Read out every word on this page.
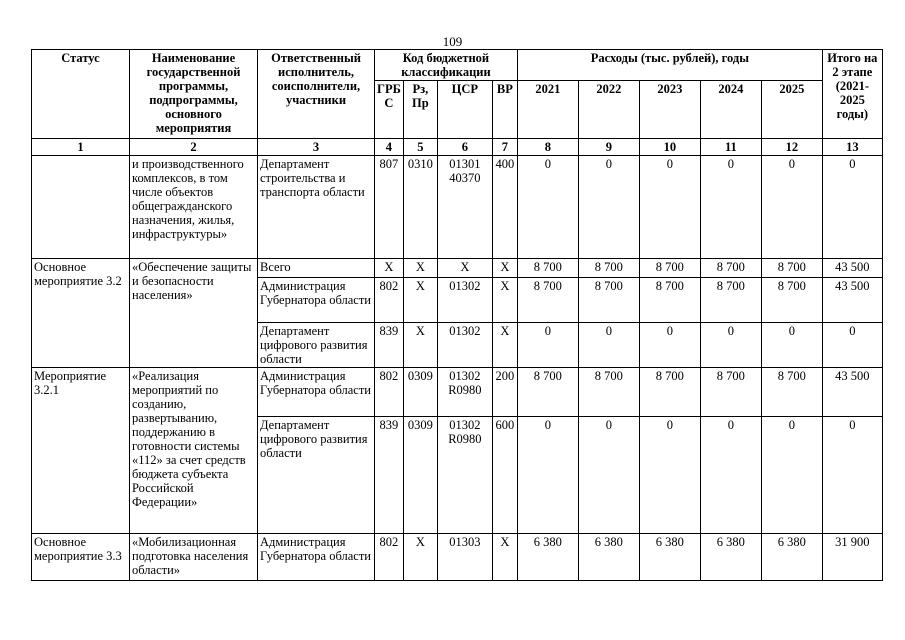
109
Статус	Наименование государственной программы, подпрограммы, основного мероприятия	Ответственный исполнитель, соисполнители, участники	Код бюджетной классификации				Расходы (тыс. рублей), годы					Итого на 2 этапе (2021-2025 годы)
			ГРБ С	Рз, Пр	ЦСР	ВР	2021	2022	2023	2024	2025	
1	2	3	4	5	6	7	8	9	10	11	12	13
	и производственного комплексов, в том числе объектов общегражданского назначения, жилья, инфраструктуры»	Департамент строительства и транспорта области	807	0310	01301 40370	400	0	0	0	0	0	0
Основное мероприятие 3.2	«Обеспечение защиты и безопасности населения»	Всего	X	X	X	X	8 700	8 700	8 700	8 700	8 700	43 500
		Администрация Губернатора области	802	X	01302	X	8 700	8 700	8 700	8 700	8 700	43 500
		Департамент цифрового развития области	839	X	01302	X	0	0	0	0	0	0
Мероприятие 3.2.1	«Реализация мероприятий по созданию, развертыванию, поддержанию в готовности системы «112» за счет средств бюджета субъекта Российской Федерации»	Администрация Губернатора области	802	0309	01302 R0980	200	8 700	8 700	8 700	8 700	8 700	43 500
		Департамент цифрового развития области	839	0309	01302 R0980	600	0	0	0	0	0	0
Основное мероприятие 3.3	«Мобилизационная подготовка населения области»	Администрация Губернатора области	802	X	01303	X	6 380	6 380	6 380	6 380	6 380	31 900
